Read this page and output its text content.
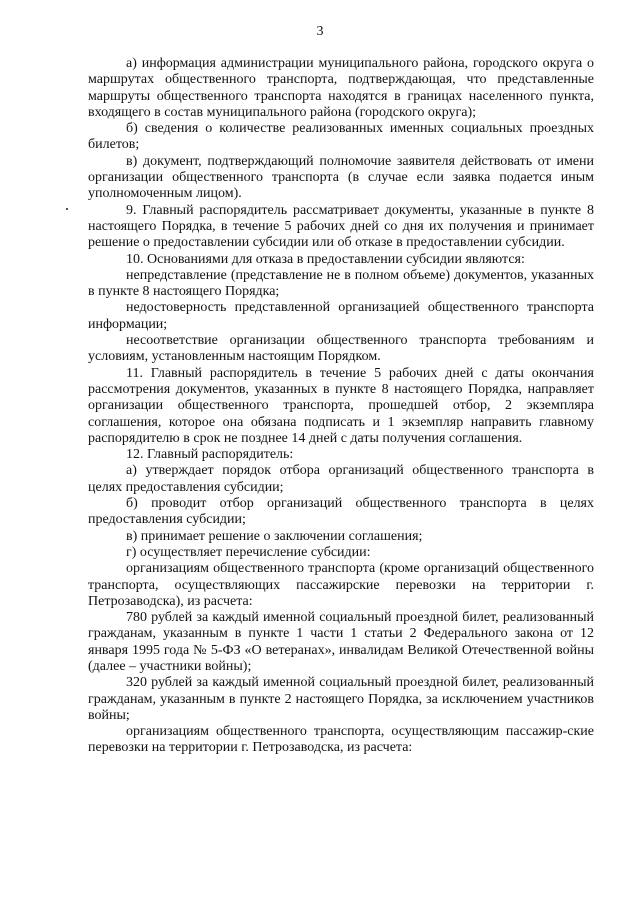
3

а) информация администрации муниципального района, городского округа о маршрутах общественного транспорта, подтверждающая, что представленные маршруты общественного транспорта находятся в границах населенного пункта, входящего в состав муниципального района (городского округа);

б) сведения о количестве реализованных именных социальных проездных билетов;

в) документ, подтверждающий полномочие заявителя действовать от имени организации общественного транспорта (в случае если заявка подается иным уполномоченным лицом).

9. Главный распорядитель рассматривает документы, указанные в пункте 8 настоящего Порядка, в течение 5 рабочих дней со дня их получения и принимает решение о предоставлении субсидии или об отказе в предоставлении субсидии.

10. Основаниями для отказа в предоставлении субсидии являются:

непредставление (представление не в полном объеме) документов, указанных в пункте 8 настоящего Порядка;

недостоверность представленной организацией общественного транспорта информации;

несоответствие организации общественного транспорта требованиям и условиям, установленным настоящим Порядком.

11. Главный распорядитель в течение 5 рабочих дней с даты окончания рассмотрения документов, указанных в пункте 8 настоящего Порядка, направляет организации общественного транспорта, прошедшей отбор, 2 экземпляра соглашения, которое она обязана подписать и 1 экземпляр направить главному распорядителю в срок не позднее 14 дней с даты получения соглашения.

12. Главный распорядитель:

а) утверждает порядок отбора организаций общественного транспорта в целях предоставления субсидии;

б) проводит отбор организаций общественного транспорта в целях предоставления субсидии;

в) принимает решение о заключении соглашения;

г) осуществляет перечисление субсидии:

организациям общественного транспорта (кроме организаций общественного транспорта, осуществляющих пассажирские перевозки на территории г. Петрозаводска), из расчета:

780 рублей за каждый именной социальный проездной билет, реализованный гражданам, указанным в пункте 1 части 1 статьи 2 Федерального закона от 12 января 1995 года № 5-ФЗ «О ветеранах», инвалидам Великой Отечественной войны (далее – участники войны);

320 рублей за каждый именной социальный проездной билет, реализованный гражданам, указанным в пункте 2 настоящего Порядка, за исключением участников войны;

организациям общественного транспорта, осуществляющим пассажир-ские перевозки на территории г. Петрозаводска, из расчета:
